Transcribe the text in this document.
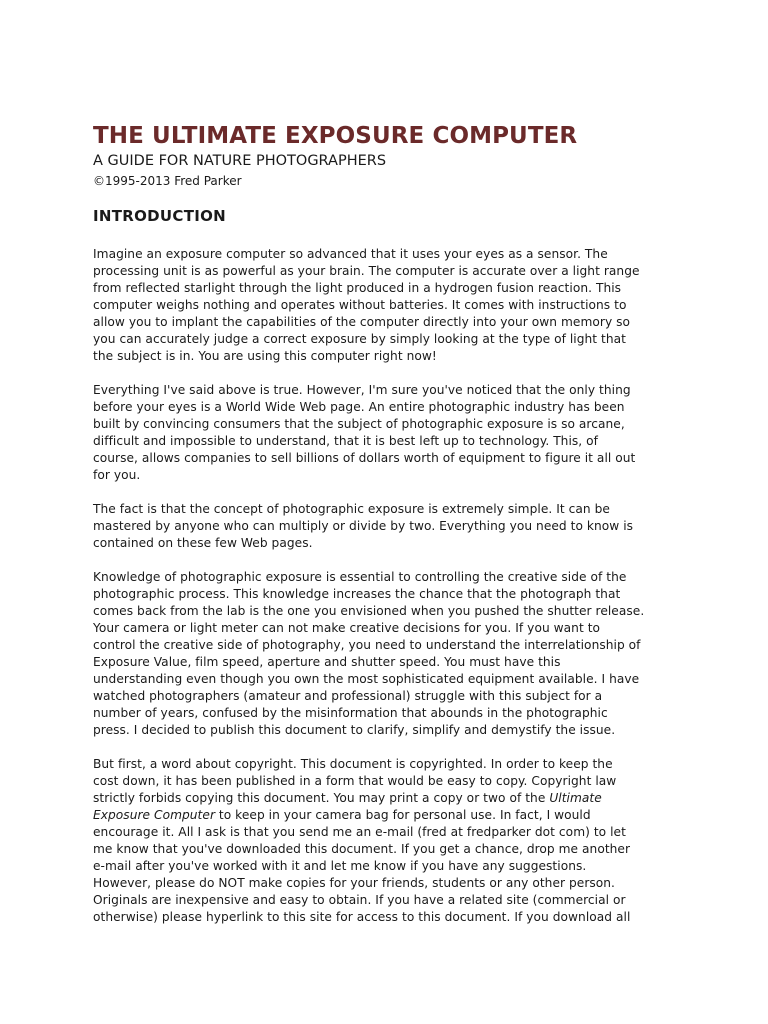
THE ULTIMATE EXPOSURE COMPUTER
A GUIDE FOR NATURE PHOTOGRAPHERS
©1995-2013 Fred Parker
INTRODUCTION

Imagine an exposure computer so advanced that it uses your eyes as a sensor. The

processing unit is as powerful as your brain. The computer is accurate over a light range

from reflected starlight through the light produced in a hydrogen fusion reaction. This

computer weighs nothing and operates without batteries. It comes with instructions to

allow you to implant the capabilities of the computer directly into your own memory so

you can accurately judge a correct exposure by simply looking at the type of light that

the subject is in. You are using this computer right now!

Everything I've said above is true. However, I'm sure you've noticed that the only thing

before your eyes is a World Wide Web page. An entire photographic industry has been

built by convincing consumers that the subject of photographic exposure is so arcane,

difficult and impossible to understand, that it is best left up to technology. This, of

course, allows companies to sell billions of dollars worth of equipment to figure it all out

for you.

The fact is that the concept of photographic exposure is extremely simple. It can be

mastered by anyone who can multiply or divide by two. Everything you need to know is

contained on these few Web pages.

Knowledge of photographic exposure is essential to controlling the creative side of the

photographic process. This knowledge increases the chance that the photograph that

comes back from the lab is the one you envisioned when you pushed the shutter release.

Your camera or light meter can not make creative decisions for you. If you want to

control the creative side of photography, you need to understand the interrelationship of

Exposure Value, film speed, aperture and shutter speed. You must have this

understanding even though you own the most sophisticated equipment available. I have

watched photographers (amateur and professional) struggle with this subject for a

number of years, confused by the misinformation that abounds in the photographic

press. I decided to publish this document to clarify, simplify and demystify the issue.

But first, a word about copyright. This document is copyrighted. In order to keep the

cost down, it has been published in a form that would be easy to copy. Copyright law

strictly forbids copying this document. You may print a copy or two of the Ultimate

Exposure Computer to keep in your camera bag for personal use. In fact, I would

encourage it. All I ask is that you send me an e-mail (fred at fredparker dot com) to let

me know that you've downloaded this document. If you get a chance, drop me another

e-mail after you've worked with it and let me know if you have any suggestions.

However, please do NOT make copies for your friends, students or any other person.

Originals are inexpensive and easy to obtain. If you have a related site (commercial or

otherwise) please hyperlink to this site for access to this document. If you download all
